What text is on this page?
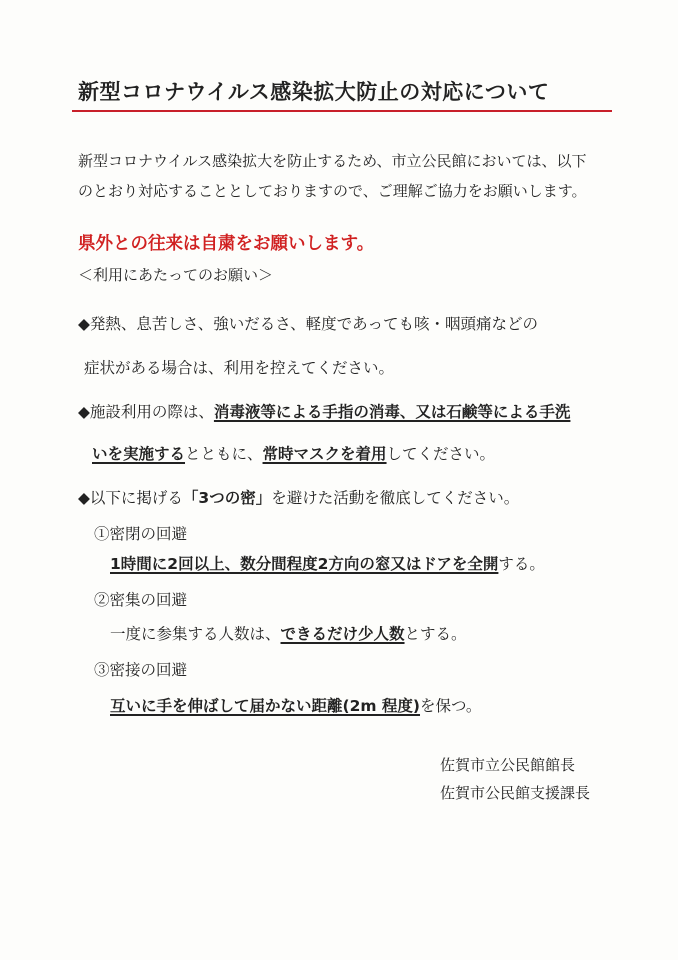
新型コロナウイルス感染拡大防止の対応について
新型コロナウイルス感染拡大を防止するため、市立公民館においては、以下
のとおり対応することとしておりますので、ご理解ご協力をお願いします。
県外との往来は自粛をお願いします。
＜利用にあたってのお願い＞
◆発熱、息苦しさ、強いだるさ、軽度であっても咳・咽頭痛などの
症状がある場合は、利用を控えてください。
◆施設利用の際は、消毒液等による手指の消毒、又は石鹸等による手洗
いを実施するとともに、常時マスクを着用してください。
◆以下に掲げる「3つの密」を避けた活動を徹底してください。
①密閉の回避
1時間に2回以上、数分間程度2方向の窓又はドアを全開する。
②密集の回避
一度に参集する人数は、できるだけ少人数とする。
③密接の回避
互いに手を伸ばして届かない距離(2m 程度)を保つ。
佐賀市立公民館館長
佐賀市公民館支援課長
